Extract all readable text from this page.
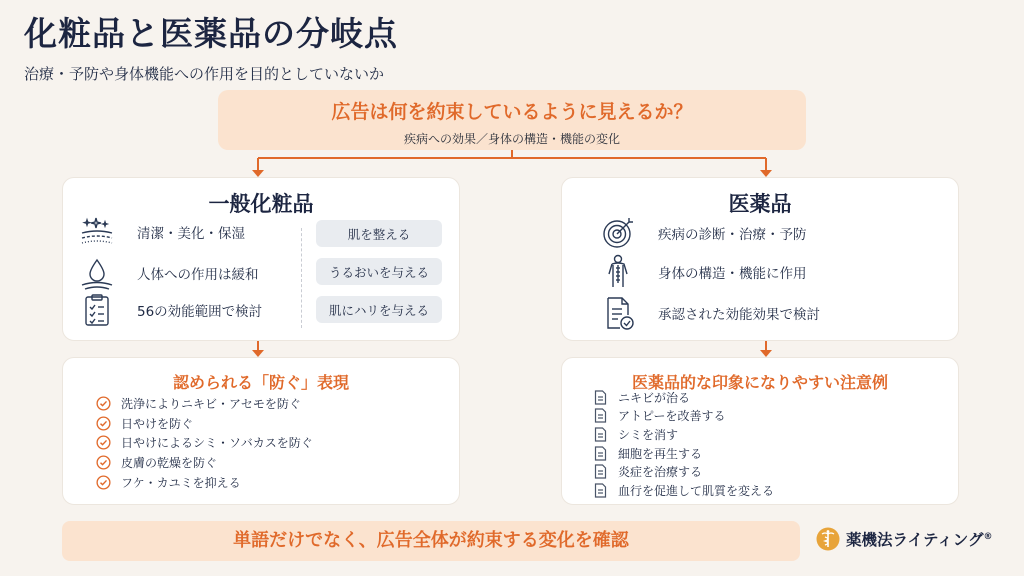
化粧品と医薬品の分岐点
治療・予防や身体機能への作用を目的としていないか
広告は何を約束しているように見えるか？
疾病への効果／身体の構造・機能の変化
一般化粧品
清潔・美化・保湿
人体への作用は緩和
56の効能範囲で検討
肌を整える
うるおいを与える
肌にハリを与える
医薬品
疾病の診断・治療・予防
身体の構造・機能に作用
承認された効能効果で検討
認められる「防ぐ」表現
洗浄によりニキビ・アセモを防ぐ
日やけを防ぐ
日やけによるシミ・ソバカスを防ぐ
皮膚の乾燥を防ぐ
フケ・カユミを抑える
医薬品的な印象になりやすい注意例
ニキビが治る
アトピーを改善する
シミを消す
細胞を再生する
炎症を治療する
血行を促進して肌質を変える
単語だけでなく、広告全体が約束する変化を確認	薬機法ライティング®
